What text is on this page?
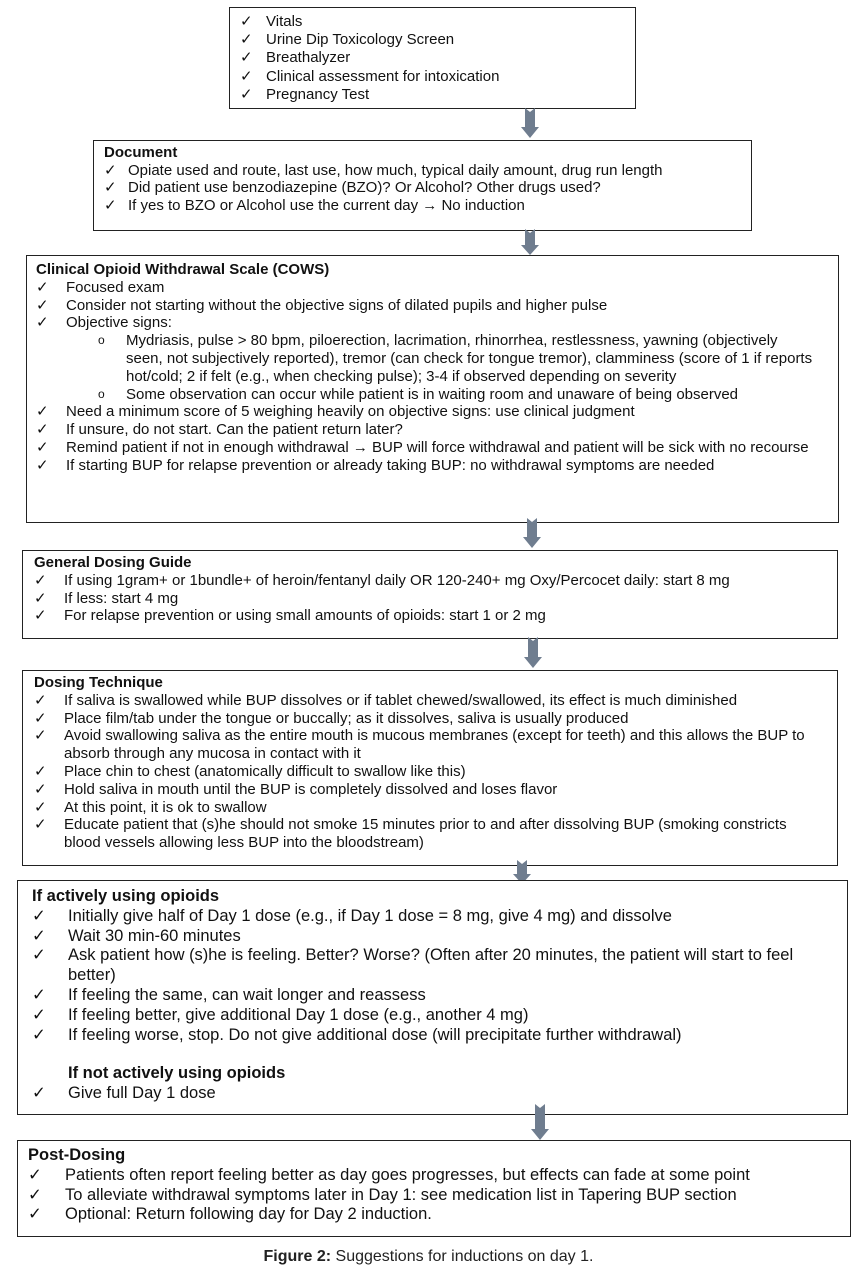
✓ Vitals
✓ Urine Dip Toxicology Screen
✓ Breathalyzer
✓ Clinical assessment for intoxication
✓ Pregnancy Test
Document
✓ Opiate used and route, last use, how much, typical daily amount, drug run length
✓ Did patient use benzodiazepine (BZO)? Or Alcohol? Other drugs used?
✓ If yes to BZO or Alcohol use the current day → No induction
Clinical Opioid Withdrawal Scale (COWS)
✓	Focused exam
✓	Consider not starting without the objective signs of dilated pupils and higher pulse
✓	Objective signs:
o	Mydriasis, pulse > 80 bpm, piloerection, lacrimation, rhinorrhea, restlessness, yawning (objectively seen, not subjectively reported), tremor (can check for tongue tremor), clamminess (score of 1 if reports hot/cold; 2 if felt (e.g., when checking pulse); 3-4 if observed depending on severity
o	Some observation can occur while patient is in waiting room and unaware of being observed
✓	Need a minimum score of 5 weighing heavily on objective signs: use clinical judgment
✓	If unsure, do not start. Can the patient return later?
✓	Remind patient if not in enough withdrawal → BUP will force withdrawal and patient will be sick with no recourse
✓	If starting BUP for relapse prevention or already taking BUP: no withdrawal symptoms are needed
General Dosing Guide
✓	If using 1gram+ or 1bundle+ of heroin/fentanyl daily OR 120-240+ mg Oxy/Percocet daily: start 8 mg
✓	If less: start 4 mg
✓	For relapse prevention or using small amounts of opioids: start 1 or 2 mg
Dosing Technique
✓	If saliva is swallowed while BUP dissolves or if tablet chewed/swallowed, its effect is much diminished
✓	Place film/tab under the tongue or buccally; as it dissolves, saliva is usually produced
✓	Avoid swallowing saliva as the entire mouth is mucous membranes (except for teeth) and this allows the BUP to absorb through any mucosa in contact with it
✓	Place chin to chest (anatomically difficult to swallow like this)
✓	Hold saliva in mouth until the BUP is completely dissolved and loses flavor
✓	At this point, it is ok to swallow
✓	Educate patient that (s)he should not smoke 15 minutes prior to and after dissolving BUP (smoking constricts blood vessels allowing less BUP into the bloodstream)
If actively using opioids
✓	Initially give half of Day 1 dose (e.g., if Day 1 dose = 8 mg, give 4 mg) and dissolve
✓	Wait 30 min-60 minutes
✓	Ask patient how (s)he is feeling. Better? Worse? (Often after 20 minutes, the patient will start to feel better)
✓	If feeling the same, can wait longer and reassess
✓	If feeling better, give additional Day 1 dose (e.g., another 4 mg)
✓	If feeling worse, stop. Do not give additional dose (will precipitate further withdrawal)
If not actively using opioids
✓	Give full Day 1 dose
Post-Dosing
✓	Patients often report feeling better as day goes progresses, but effects can fade at some point
✓	To alleviate withdrawal symptoms later in Day 1: see medication list in Tapering BUP section
✓	Optional: Return following day for Day 2 induction.
Figure 2: Suggestions for inductions on day 1.
